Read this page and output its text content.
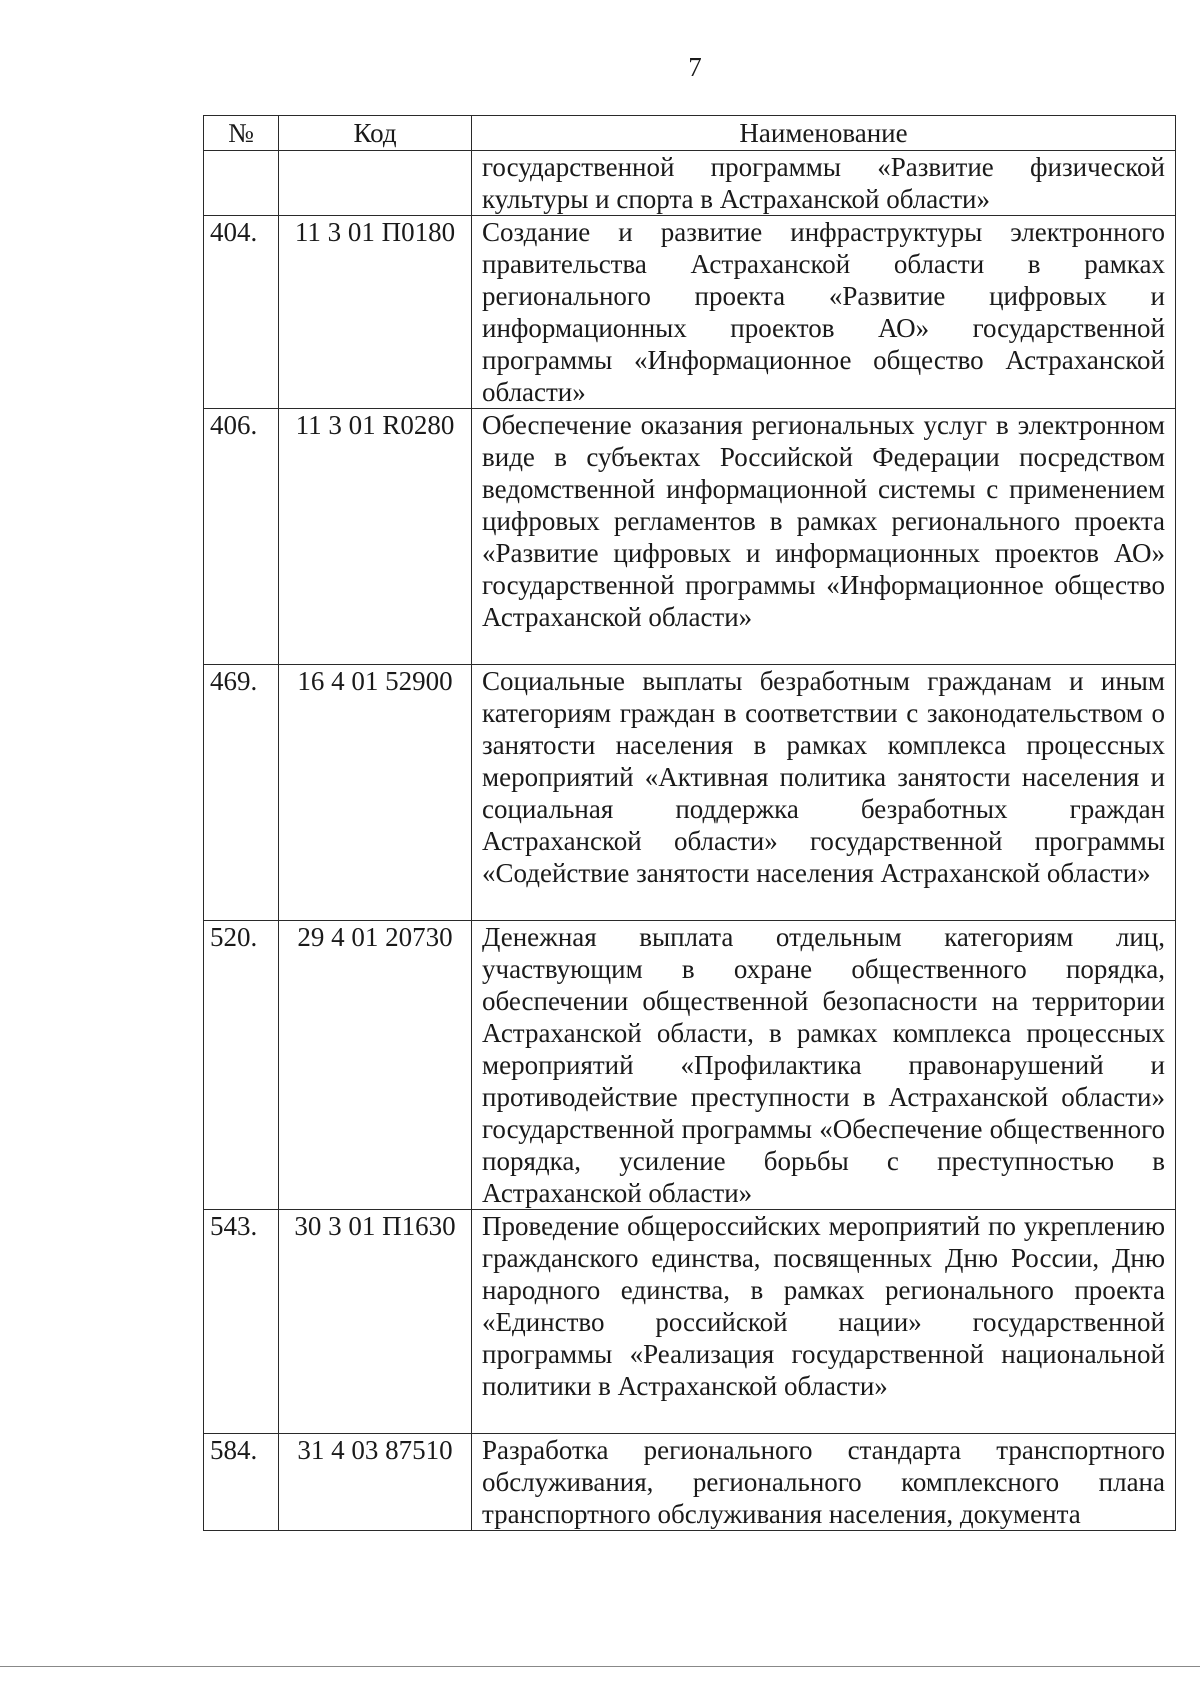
7
№	Код	Наименование
		государственной программы «Развитие физической культуры и спорта в Астраханской области»
404.	11 3 01 П0180	Создание и развитие инфраструктуры электронного правительства Астраханской области в рамках регионального проекта «Развитие цифровых и информационных проектов АО» государственной программы «Информационное общество Астраханской области»
406.	11 3 01 R0280	Обеспечение оказания региональных услуг в электронном виде в субъектах Российской Федерации посредством ведомственной информационной системы с применением цифровых регламентов в рамках регионального проекта «Развитие цифровых и информационных проектов АО» государственной программы «Информационное общество Астраханской области»
469.	16 4 01 52900	Социальные выплаты безработным гражданам и иным категориям граждан в соответствии с законодательством о занятости населения в рамках комплекса процессных мероприятий «Активная политика занятости населения и социальная поддержка безработных граждан Астраханской области» государственной программы «Содействие занятости населения Астраханской области»
520.	29 4 01 20730	Денежная выплата отдельным категориям лиц, участвующим в охране общественного порядка, обеспечении общественной безопасности на территории Астраханской области, в рамках комплекса процессных мероприятий «Профилактика правонарушений и противодействие преступности в Астраханской области» государственной программы «Обеспечение общественного порядка, усиление борьбы с преступностью в Астраханской области»
543.	30 3 01 П1630	Проведение общероссийских мероприятий по укреплению гражданского единства, посвященных Дню России, Дню народного единства, в рамках регионального проекта «Единство российской нации» государственной программы «Реализация государственной национальной политики в Астраханской области»
584.	31 4 03 87510	Разработка регионального стандарта транспортного обслуживания, регионального комплексного плана транспортного обслуживания населения, документа
